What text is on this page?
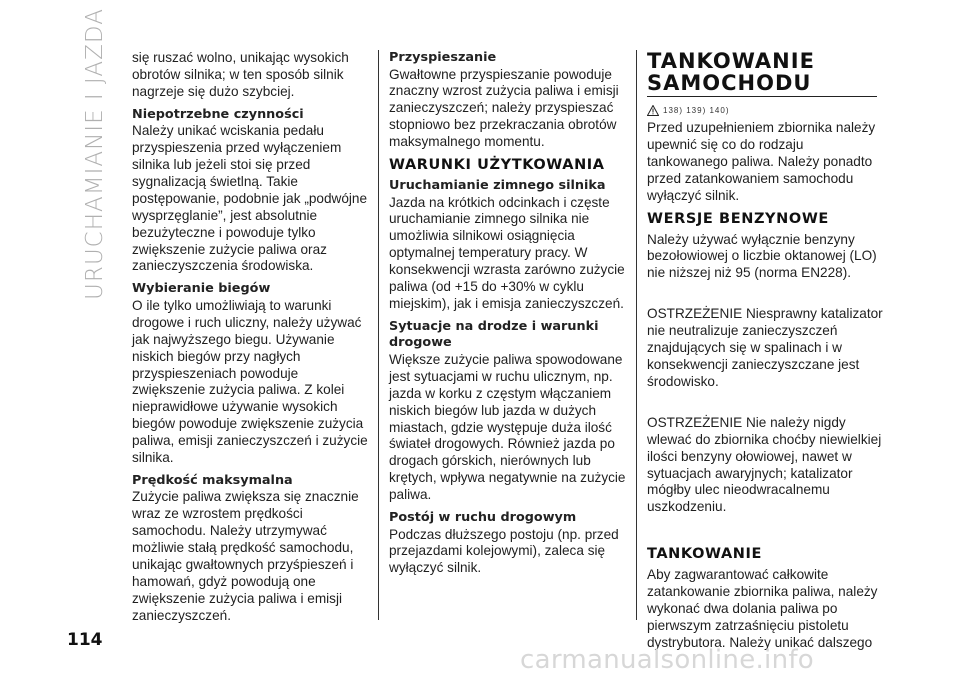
URUCHAMIANIE I JAZDA
114

się ruszać wolno, unikając wysokich obrotów silnika; w ten sposób silnik nagrzeje się dużo szybciej.

Niepotrzebne czynności

Należy unikać wciskania pedału przyspieszenia przed wyłączeniem silnika lub jeżeli stoi się przed sygnalizacją świetlną. Takie postępowanie, podobnie jak „podwójne wysprzęglanie”, jest absolutnie bezużyteczne i powoduje tylko zwiększenie zużycie paliwa oraz zanieczyszczenia środowiska.

Wybieranie biegów

O ile tylko umożliwiają to warunki drogowe i ruch uliczny, należy używać jak najwyższego biegu. Używanie niskich biegów przy nagłych przyspieszeniach powoduje zwiększenie zużycia paliwa. Z kolei nieprawidłowe używanie wysokich biegów powoduje zwiększenie zużycia paliwa, emisji zanieczyszczeń i zużycie silnika.

Prędkość maksymalna

Zużycie paliwa zwiększa się znacznie wraz ze wzrostem prędkości samochodu. Należy utrzymywać możliwie stałą prędkość samochodu, unikając gwałtownych przyśpieszeń i hamowań, gdyż powodują one zwiększenie zużycia paliwa i emisji zanieczyszczeń.

Przyspieszanie

Gwałtowne przyspieszanie powoduje znaczny wzrost zużycia paliwa i emisji zanieczyszczeń; należy przyspieszać stopniowo bez przekraczania obrotów maksymalnego momentu.

WARUNKI UŻYTKOWANIA
Uruchamianie zimnego silnika

Jazda na krótkich odcinkach i częste uruchamianie zimnego silnika nie umożliwia silnikowi osiągnięcia optymalnej temperatury pracy. W konsekwencji wzrasta zarówno zużycie paliwa (od +15 do +30% w cyklu miejskim), jak i emisja zanieczyszczeń.

Sytuacje na drodze i warunki drogowe

Większe zużycie paliwa spowodowane jest sytuacjami w ruchu ulicznym, np. jazda w korku z częstym włączaniem niskich biegów lub jazda w dużych miastach, gdzie występuje duża ilość świateł drogowych. Również jazda po drogach górskich, nierównych lub krętych, wpływa negatywnie na zużycie paliwa.

Postój w ruchu drogowym

Podczas dłuższego postoju (np. przed przejazdami kolejowymi), zaleca się wyłączyć silnik.

TANKOWANIE SAMOCHODU
138) 139) 140)

Przed uzupełnieniem zbiornika należy upewnić się co do rodzaju tankowanego paliwa. Należy ponadto przed zatankowaniem samochodu wyłączyć silnik.

WERSJE BENZYNOWE

Należy używać wyłącznie benzyny bezołowiowej o liczbie oktanowej (LO) nie niższej niż 95 (norma EN228).

OSTRZEŻENIE Niesprawny katalizator nie neutralizuje zanieczyszczeń znajdujących się w spalinach i w konsekwencji zanieczyszczane jest środowisko.

OSTRZEŻENIE Nie należy nigdy wlewać do zbiornika choćby niewielkiej ilości benzyny ołowiowej, nawet w sytuacjach awaryjnych; katalizator mógłby ulec nieodwracalnemu uszkodzeniu.

TANKOWANIE

Aby zagwarantować całkowite zatankowanie zbiornika paliwa, należy wykonać dwa dolania paliwa po pierwszym zatrzaśnięciu pistoletu dystrybutora. Należy unikać dalszego

carmanualsonline.info
